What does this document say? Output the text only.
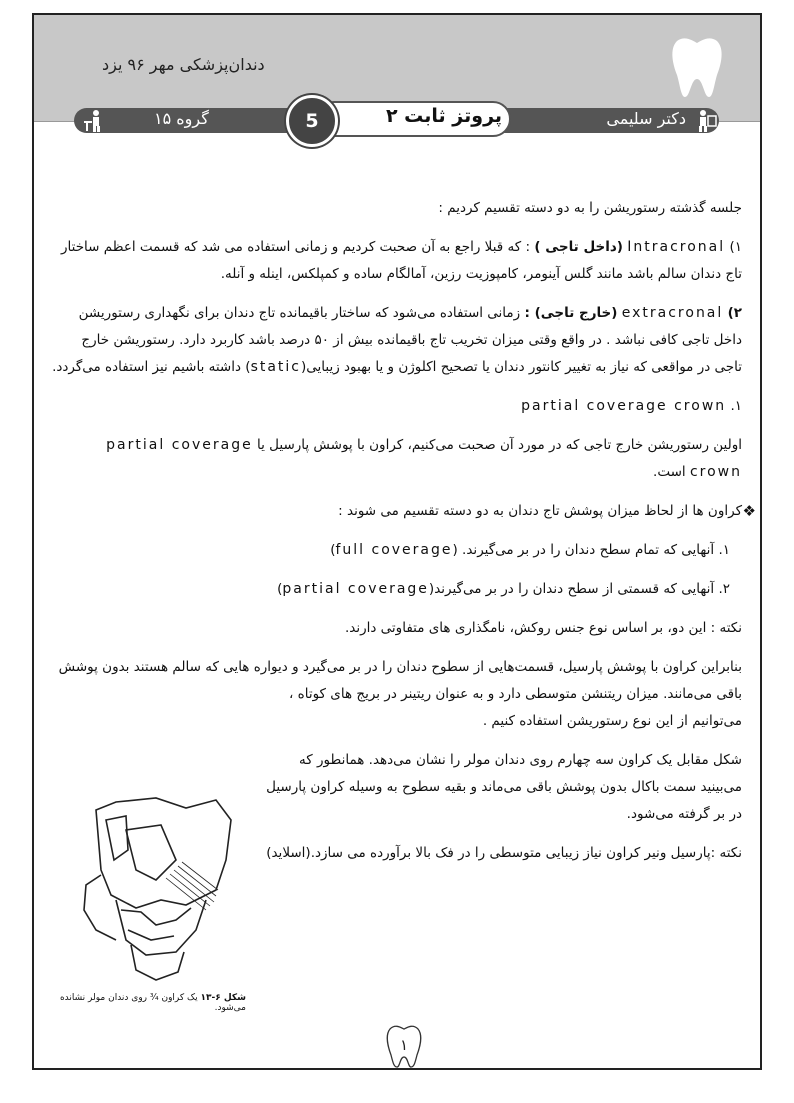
دندان‌پزشکی مهر ۹۶ یزد
دکتر سلیمی
پروتز ثابت ۲
5
گروه ۱۵

جلسه گذشته رستوریشن را به دو دسته تقسیم کردیم :

۱) Intracronal (داخل تاجی ) : که قبلا راجع به آن صحبت کردیم و زمانی استفاده می شد که قسمت اعظم ساختار تاج دندان سالم باشد مانند گلس آینومر، کامپوزیت رزین، آمالگام ساده و کمپلکس، اینله و آنله.

۲) extracronal (خارج تاجی) : زمانی استفاده می‌شود که ساختار باقیمانده تاج دندان برای نگهداری رستوریشن داخل تاجی کافی نباشد . در واقع وقتی میزان تخریب تاج باقیمانده بیش از ۵۰ درصد باشد کاربرد دارد. رستوریشن خارج تاجی در مواقعی که نیاز به تغییر کانتور دندان یا تصحیح اکلوژن و یا بهبود زیبایی(static) داشته باشیم نیز استفاده می‌گردد.

۱. partial coverage crown

اولین رستوریشن خارج تاجی که در مورد آن صحبت می‌کنیم، کراون با پوشش پارسیل یا partial coverage crown است.

❖
کراون ها از لحاظ میزان پوشش تاج دندان به دو دسته تقسیم می شوند :

۱. آنهایی که تمام سطح دندان را در بر می‌گیرند. (full coverage)

۲. آنهایی که قسمتی از سطح دندان را در بر می‌گیرند(partial coverage)

نکته : این دو، بر اساس نوع جنس روکش، نامگذاری های متفاوتی دارند.

بنابراین کراون با پوشش پارسیل، قسمت‌هایی از سطوح دندان را در بر می‌گیرد و دیواره هایی که سالم هستند بدون پوشش

باقی می‌مانند. میزان ریتنشن متوسطی دارد و به عنوان ریتینر در بریج های کوتاه ،

می‌توانیم از این نوع رستوریشن استفاده کنیم .

شکل مقابل یک کراون سه چهارم روی دندان مولر را نشان می‌دهد. همانطور که

می‌بینید سمت باکال بدون پوشش باقی می‌ماند و بقیه سطوح به وسیله کراون پارسیل

در بر گرفته می‌شود.

نکته :پارسیل ونیر کراون نیاز زیبایی متوسطی را در فک بالا برآورده می سازد.(اسلاید)

شکل ۶-۱۳ یک کراون ¾ روی دندان مولر نشانده می‌شود.
۱
